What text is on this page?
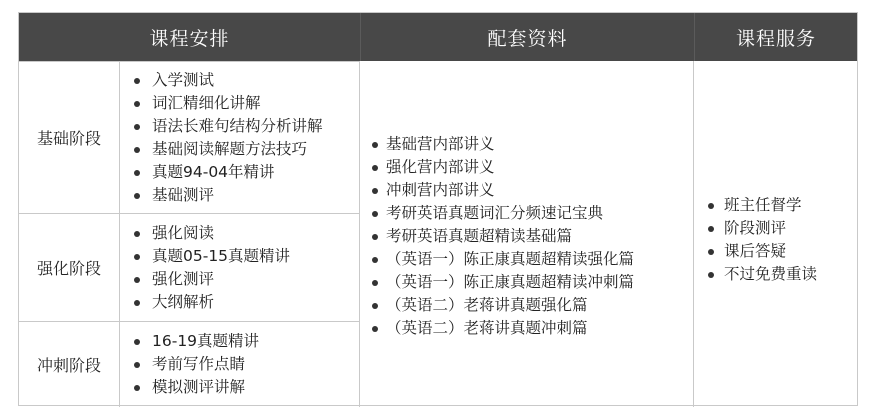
课程安排	配套资料	课程服务
基础阶段
入学测试
词汇精细化讲解
语法长难句结构分析讲解
基础阅读解题方法技巧
真题94-04年精讲
基础测评
强化阶段
强化阅读
真题05-15真题精讲
强化测评
大纲解析
冲刺阶段
16-19真题精讲
考前写作点睛
模拟测评讲解
基础营内部讲义
强化营内部讲义
冲刺营内部讲义
考研英语真题词汇分频速记宝典
考研英语真题超精读基础篇
（英语一）陈正康真题超精读强化篇
（英语一）陈正康真题超精读冲刺篇
（英语二）老蒋讲真题强化篇
（英语二）老蒋讲真题冲刺篇
班主任督学
阶段测评
课后答疑
不过免费重读
